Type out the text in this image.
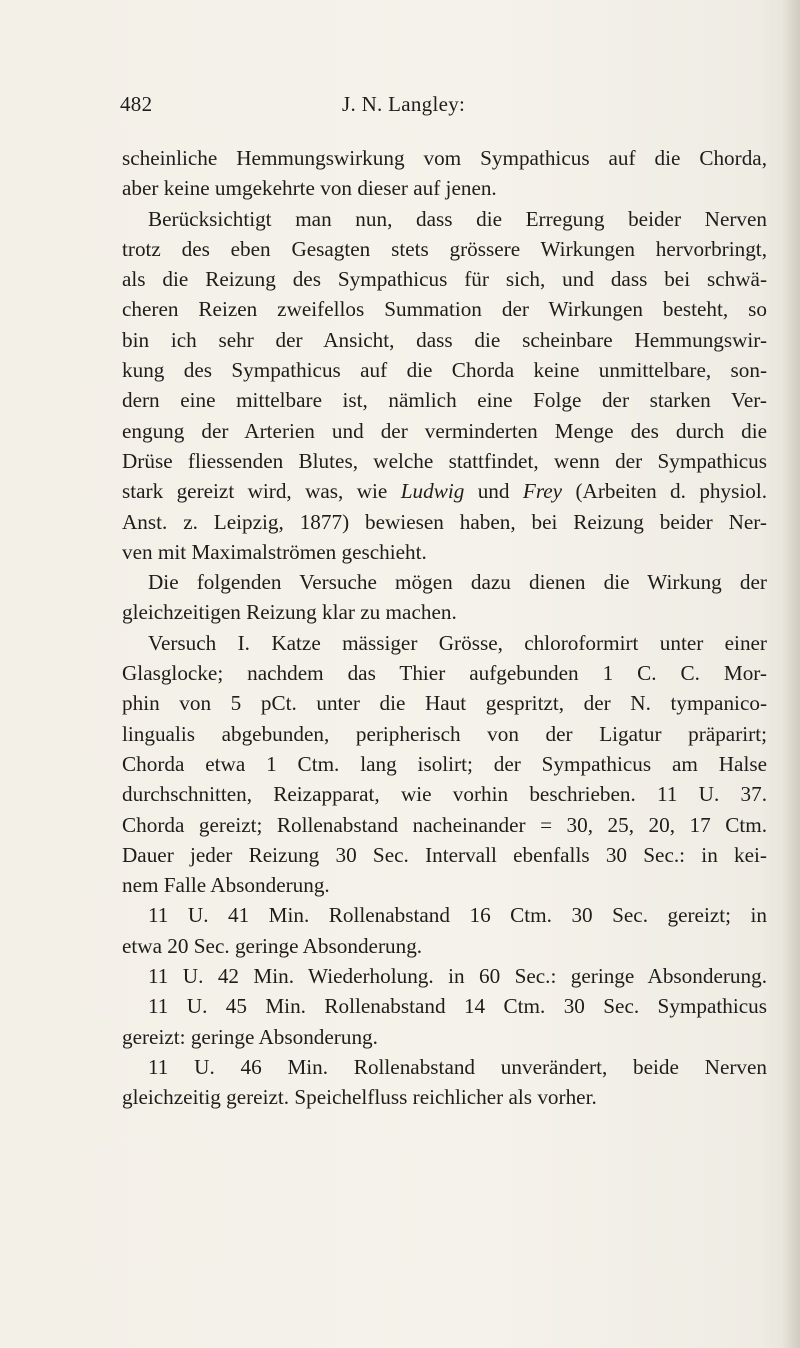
482	J. N. Langley:
scheinliche Hemmungswirkung vom Sympathicus auf die Chorda,
aber keine umgekehrte von dieser auf jenen.
Berücksichtigt man nun, dass die Erregung beider Nerven
trotz des eben Gesagten stets grössere Wirkungen hervorbringt,
als die Reizung des Sympathicus für sich, und dass bei schwä-
cheren Reizen zweifellos Summation der Wirkungen besteht, so
bin ich sehr der Ansicht, dass die scheinbare Hemmungswir-
kung des Sympathicus auf die Chorda keine unmittelbare, son-
dern eine mittelbare ist, nämlich eine Folge der starken Ver-
engung der Arterien und der verminderten Menge des durch die
Drüse fliessenden Blutes, welche stattfindet, wenn der Sympathicus
stark gereizt wird, was, wie Ludwig und Frey (Arbeiten d. physiol.
Anst. z. Leipzig, 1877) bewiesen haben, bei Reizung beider Ner-
ven mit Maximalströmen geschieht.
Die folgenden Versuche mögen dazu dienen die Wirkung der
gleichzeitigen Reizung klar zu machen.
Versuch I. Katze mässiger Grösse, chloroformirt unter einer
Glasglocke; nachdem das Thier aufgebunden 1 C. C. Mor-
phin von 5 pCt. unter die Haut gespritzt, der N. tympanico-
lingualis abgebunden, peripherisch von der Ligatur präparirt;
Chorda etwa 1 Ctm. lang isolirt; der Sympathicus am Halse
durchschnitten, Reizapparat, wie vorhin beschrieben. 11 U. 37.
Chorda gereizt; Rollenabstand nacheinander = 30, 25, 20, 17 Ctm.
Dauer jeder Reizung 30 Sec. Intervall ebenfalls 30 Sec.: in kei-
nem Falle Absonderung.
11 U. 41 Min. Rollenabstand 16 Ctm. 30 Sec. gereizt; in
etwa 20 Sec. geringe Absonderung.
11 U. 42 Min. Wiederholung. in 60 Sec.: geringe Absonderung.
11 U. 45 Min. Rollenabstand 14 Ctm. 30 Sec. Sympathicus
gereizt: geringe Absonderung.
11 U. 46 Min. Rollenabstand unverändert, beide Nerven
gleichzeitig gereizt. Speichelfluss reichlicher als vorher.
